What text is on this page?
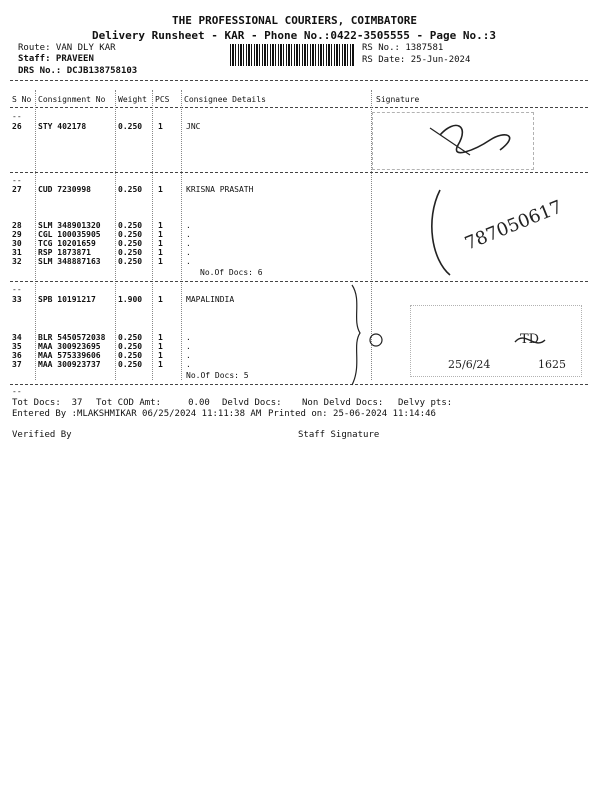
THE PROFESSIONAL COURIERS, COIMBATORE
Delivery Runsheet - KAR - Phone No.:0422-3505555 - Page No.:3
Route: VAN DLY KAR
Staff: PRAVEEN
DRS No.: DCJB138758103
RS No.: 1387581
RS Date: 25-Jun-2024
S No Consignment No Weight PCS Consignee Details	Signature
--
26 STY 402178	0.250 1	JNC
--
27 CUD 7230998	0.250 1	KRISNA PRASATH
28 SLM 348901320 0.250 1	.
29 CGL 100035905 0.250 1	.
30 TCG 10201659	0.250 1	.
31 RSP 1873871	0.250 1	.
32 SLM 348887163 0.250 1	.
No.Of Docs: 6
--
33 SPB 10191217	1.900 1	MAPALINDIA
34 BLR 5450572038 0.250 1	.
35 MAA 300923695 0.250 1	.
36 MAA 575339606 0.250 1	.
37 MAA 300923737 0.250 1	.
No.Of Docs: 5
--
787050617
TD
25/6/24	1625
Tot Docs:  37 Tot COD Amt:     0.00 Delvd Docs: Non Delvd Docs: Delvy pts:
Entered By :MLAKSHMIKAR 06/25/2024 11:11:38 AM Printed on: 25-06-2024 11:14:46
Verified By	Staff Signature
